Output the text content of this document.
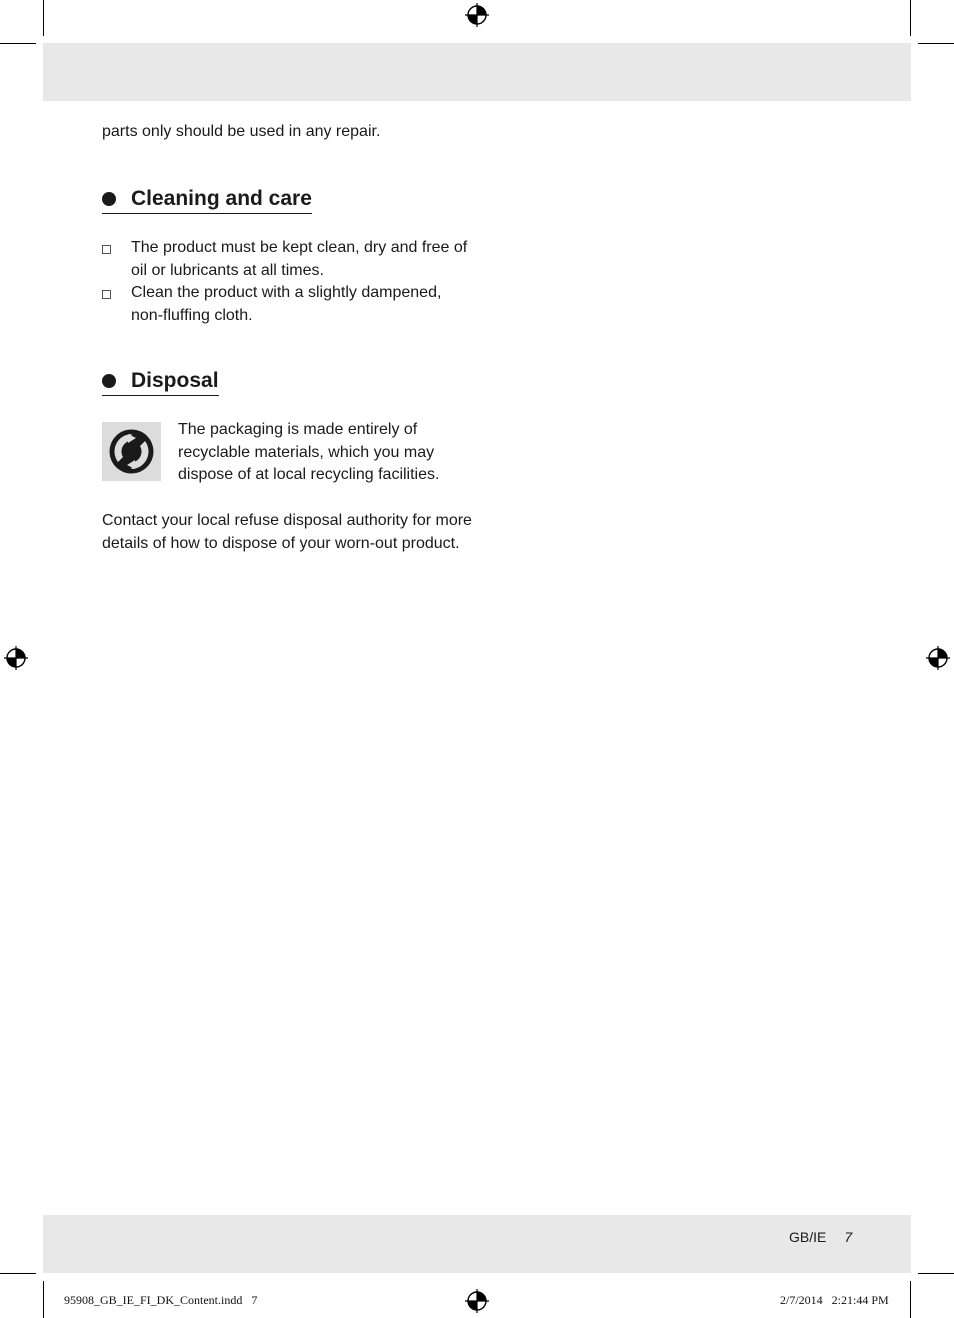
parts only should be used in any repair.
Cleaning and care
The product must be kept clean, dry and free of oil or lubricants at all times.
Clean the product with a slightly dampened, non-fluffing cloth.
Disposal
The packaging is made entirely of recyclable materials, which you may dispose of at local recycling facilities.
Contact your local refuse disposal authority for more details of how to dispose of your worn-out product.
GB/IE 7
95908_GB_IE_FI_DK_Content.indd   7	2/7/2014   2:21:44 PM
